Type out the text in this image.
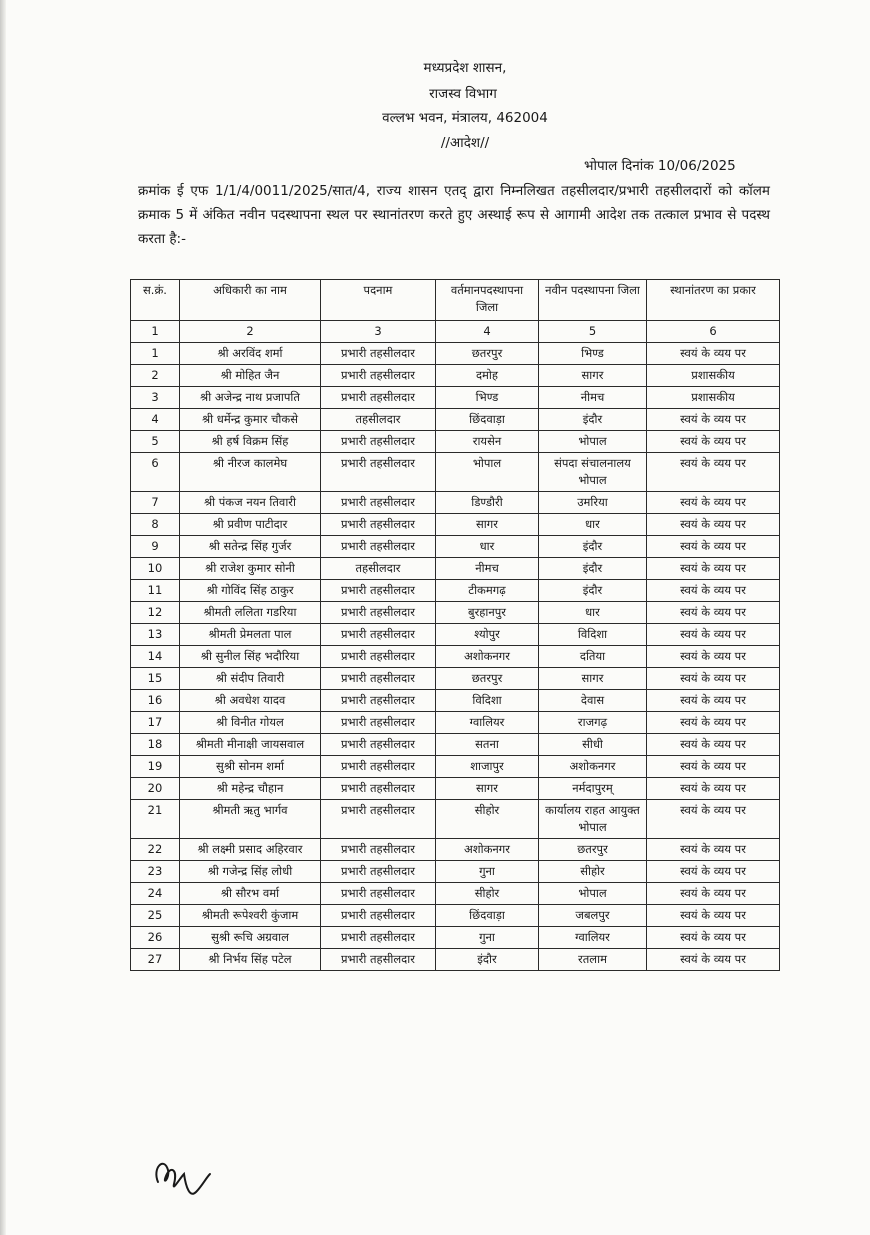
मध्यप्रदेश शासन,
राजस्व विभाग
वल्लभ भवन, मंत्रालय, 462004
//आदेश//
भोपाल दिनांक 10/06/2025
क्रमांक ई एफ 1/1/4/0011/2025/सात/4, राज्य शासन एतद् द्वारा निम्नलिखत तहसीलदार/प्रभारी तहसीलदारों को कॉलम क्रमाक 5 में अंकित नवीन पदस्थापना स्थल पर स्थानांतरण करते हुए अस्थाई रूप से आगामी आदेश तक तत्काल प्रभाव से पदस्थ करता है:-
स.क्रं.	अधिकारी का नाम	पदनाम	वर्तमानपदस्थापना जिला	नवीन पदस्थापना जिला	स्थानांतरण का प्रकार
1	2	3	4	5	6
1	श्री अरविंद शर्मा	प्रभारी तहसीलदार	छतरपुर	भिण्ड	स्वयं के व्यय पर
2	श्री मोहित जैन	प्रभारी तहसीलदार	दमोह	सागर	प्रशासकीय
3	श्री अजेन्द्र नाथ प्रजापति	प्रभारी तहसीलदार	भिण्ड	नीमच	प्रशासकीय
4	श्री धर्मेन्द्र कुमार चौकसे	तहसीलदार	छिंदवाड़ा	इंदौर	स्वयं के व्यय पर
5	श्री हर्ष विक्रम सिंह	प्रभारी तहसीलदार	रायसेन	भोपाल	स्वयं के व्यय पर
6	श्री नीरज कालमेघ	प्रभारी तहसीलदार	भोपाल	संपदा संचालनालय भोपाल	स्वयं के व्यय पर
7	श्री पंकज नयन तिवारी	प्रभारी तहसीलदार	डिण्डौरी	उमरिया	स्वयं के व्यय पर
8	श्री प्रवीण पाटीदार	प्रभारी तहसीलदार	सागर	धार	स्वयं के व्यय पर
9	श्री सतेन्द्र सिंह गुर्जर	प्रभारी तहसीलदार	धार	इंदौर	स्वयं के व्यय पर
10	श्री राजेश कुमार सोनी	तहसीलदार	नीमच	इंदौर	स्वयं के व्यय पर
11	श्री गोविंद सिंह ठाकुर	प्रभारी तहसीलदार	टीकमगढ़	इंदौर	स्वयं के व्यय पर
12	श्रीमती ललिता गडरिया	प्रभारी तहसीलदार	बुरहानपुर	धार	स्वयं के व्यय पर
13	श्रीमती प्रेमलता पाल	प्रभारी तहसीलदार	श्योपुर	विदिशा	स्वयं के व्यय पर
14	श्री सुनील सिंह भदौरिया	प्रभारी तहसीलदार	अशोकनगर	दतिया	स्वयं के व्यय पर
15	श्री संदीप तिवारी	प्रभारी तहसीलदार	छतरपुर	सागर	स्वयं के व्यय पर
16	श्री अवधेश यादव	प्रभारी तहसीलदार	विदिशा	देवास	स्वयं के व्यय पर
17	श्री विनीत गोयल	प्रभारी तहसीलदार	ग्वालियर	राजगढ़	स्वयं के व्यय पर
18	श्रीमती मीनाक्षी जायसवाल	प्रभारी तहसीलदार	सतना	सीधी	स्वयं के व्यय पर
19	सुश्री सोनम शर्मा	प्रभारी तहसीलदार	शाजापुर	अशोकनगर	स्वयं के व्यय पर
20	श्री महेन्द्र चौहान	प्रभारी तहसीलदार	सागर	नर्मदापुरम्	स्वयं के व्यय पर
21	श्रीमती ऋतु भार्गव	प्रभारी तहसीलदार	सीहोर	कार्यालय राहत आयुक्त भोपाल	स्वयं के व्यय पर
22	श्री लक्ष्मी प्रसाद अहिरवार	प्रभारी तहसीलदार	अशोकनगर	छतरपुर	स्वयं के व्यय पर
23	श्री गजेन्द्र सिंह लोधी	प्रभारी तहसीलदार	गुना	सीहोर	स्वयं के व्यय पर
24	श्री सौरभ वर्मा	प्रभारी तहसीलदार	सीहोर	भोपाल	स्वयं के व्यय पर
25	श्रीमती रूपेश्वरी कुंजाम	प्रभारी तहसीलदार	छिंदवाड़ा	जबलपुर	स्वयं के व्यय पर
26	सुश्री रूचि अग्रवाल	प्रभारी तहसीलदार	गुना	ग्वालियर	स्वयं के व्यय पर
27	श्री निर्भय सिंह पटेल	प्रभारी तहसीलदार	इंदौर	रतलाम	स्वयं के व्यय पर
